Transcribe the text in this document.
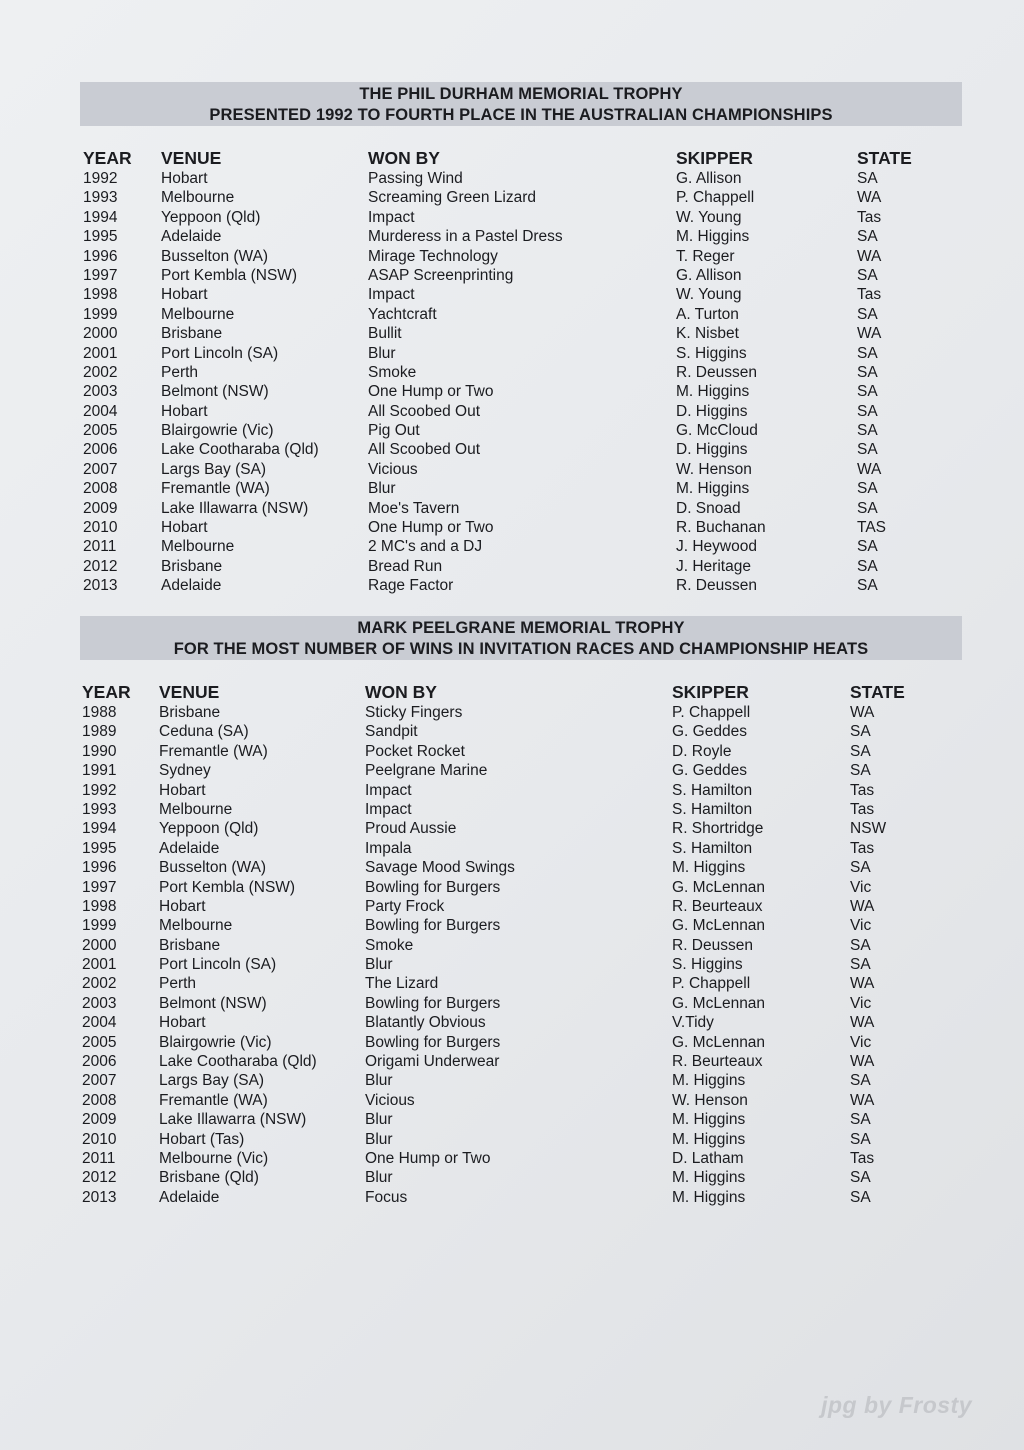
THE PHIL DURHAM MEMORIAL TROPHY
PRESENTED 1992 TO FOURTH PLACE IN THE AUSTRALIAN CHAMPIONSHIPS
YEAR VENUE	WON BY	SKIPPER	STATE
1992	Hobart	Passing Wind	G. Allison	SA
1993	Melbourne	Screaming Green Lizard	P. Chappell	WA
1994	Yeppoon (Qld)	Impact	W. Young	Tas
1995	Adelaide	Murderess in a Pastel Dress	M. Higgins	SA
1996	Busselton (WA)	Mirage Technology	T. Reger	WA
1997	Port Kembla (NSW)	ASAP Screenprinting	G. Allison	SA
1998	Hobart	Impact	W. Young	Tas
1999	Melbourne	Yachtcraft	A. Turton	SA
2000	Brisbane	Bullit	K. Nisbet	WA
2001	Port Lincoln (SA)	Blur	S. Higgins	SA
2002	Perth	Smoke	R. Deussen	SA
2003	Belmont (NSW)	One Hump or Two	M. Higgins	SA
2004	Hobart	All Scoobed Out	D. Higgins	SA
2005	Blairgowrie (Vic)	Pig Out	G. McCloud	SA
2006	Lake Cootharaba (Qld)	All Scoobed Out	D. Higgins	SA
2007	Largs Bay (SA)	Vicious	W. Henson	WA
2008	Fremantle (WA)	Blur	M. Higgins	SA
2009	Lake Illawarra (NSW)	Moe's Tavern	D. Snoad	SA
2010	Hobart	One Hump or Two	R. Buchanan	TAS
2011	Melbourne	2 MC's and a DJ	J. Heywood	SA
2012	Brisbane	Bread Run	J. Heritage	SA
2013	Adelaide	Rage Factor	R. Deussen	SA
MARK PEELGRANE MEMORIAL TROPHY
FOR THE MOST NUMBER OF WINS IN INVITATION RACES AND CHAMPIONSHIP HEATS
YEAR VENUE	WON BY	SKIPPER	STATE
1988	Brisbane	Sticky Fingers	P. Chappell	WA
1989	Ceduna (SA)	Sandpit	G. Geddes	SA
1990	Fremantle (WA)	Pocket Rocket	D. Royle	SA
1991	Sydney	Peelgrane Marine	G. Geddes	SA
1992	Hobart	Impact	S. Hamilton	Tas
1993	Melbourne	Impact	S. Hamilton	Tas
1994	Yeppoon (Qld)	Proud Aussie	R. Shortridge	NSW
1995	Adelaide	Impala	S. Hamilton	Tas
1996	Busselton (WA)	Savage Mood Swings	M. Higgins	SA
1997	Port Kembla (NSW)	Bowling for Burgers	G. McLennan	Vic
1998	Hobart	Party Frock	R. Beurteaux	WA
1999	Melbourne	Bowling for Burgers	G. McLennan	Vic
2000	Brisbane	Smoke	R. Deussen	SA
2001	Port Lincoln (SA)	Blur	S. Higgins	SA
2002	Perth	The Lizard	P. Chappell	WA
2003	Belmont (NSW)	Bowling for Burgers	G. McLennan	Vic
2004	Hobart	Blatantly Obvious	V.Tidy	WA
2005	Blairgowrie (Vic)	Bowling for Burgers	G. McLennan	Vic
2006	Lake Cootharaba (Qld)	Origami Underwear	R. Beurteaux	WA
2007	Largs Bay (SA)	Blur	M. Higgins	SA
2008	Fremantle (WA)	Vicious	W. Henson	WA
2009	Lake Illawarra (NSW)	Blur	M. Higgins	SA
2010	Hobart (Tas)	Blur	M. Higgins	SA
2011	Melbourne (Vic)	One Hump or Two	D. Latham	Tas
2012	Brisbane (Qld)	Blur	M. Higgins	SA
2013	Adelaide	Focus	M. Higgins	SA
jpg by Frosty
